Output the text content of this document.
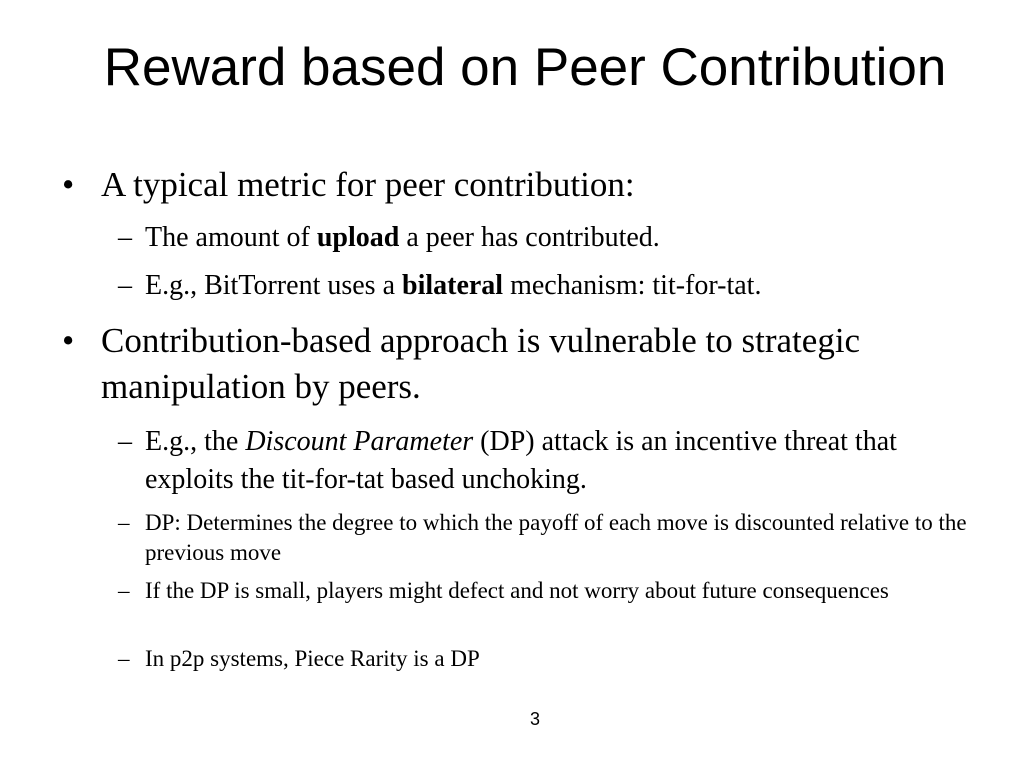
Reward based on Peer Contribution
• A typical metric for peer contribution:
– The amount of upload a peer has contributed.
– E.g., BitTorrent uses a bilateral mechanism: tit-for-tat.
• Contribution-based approach is vulnerable to strategic manipulation by peers.
– E.g., the Discount Parameter (DP) attack is an incentive threat that exploits the tit-for-tat based unchoking.
– DP: Determines the degree to which the payoff of each move is discounted relative to the previous move
– If the DP is small, players might defect and not worry about future consequences
– In p2p systems, Piece Rarity is a DP
3
